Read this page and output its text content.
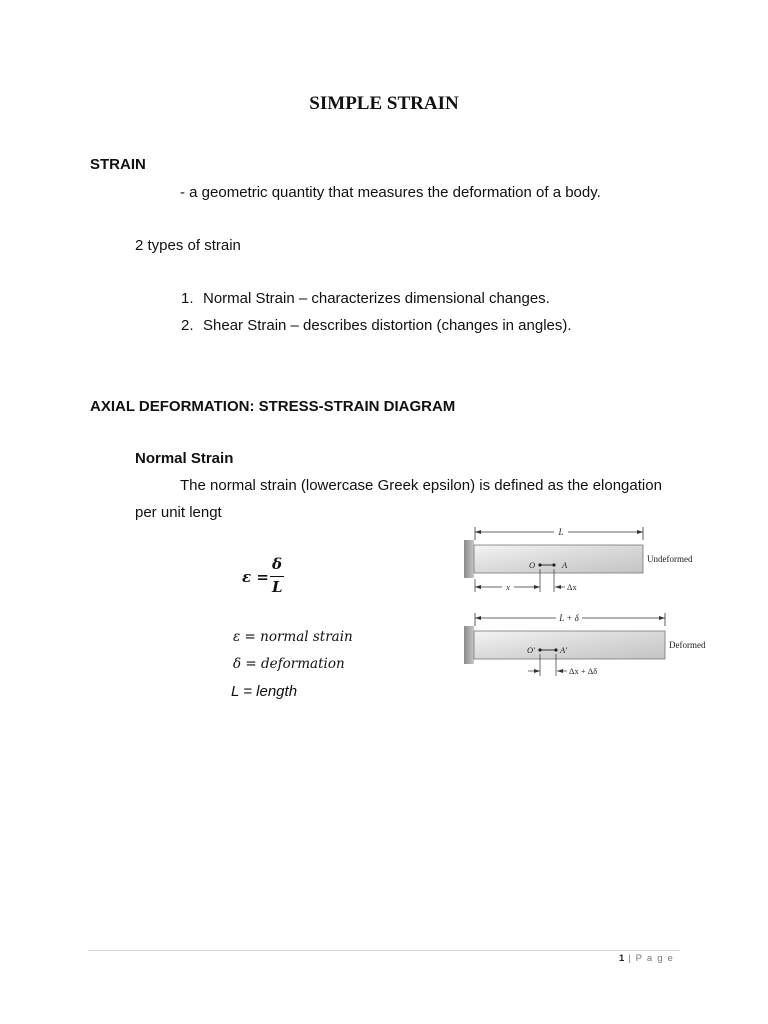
SIMPLE STRAIN
STRAIN
- a geometric quantity that measures the deformation of a body.
2 types of strain
1. Normal Strain – characterizes dimensional changes.
2. Shear Strain – describes distortion (changes in angles).
AXIAL DEFORMATION: STRESS-STRAIN DIAGRAM
Normal Strain
The normal strain (lowercase Greek epsilon) is defined as the elongation
per unit lengt
ε =
δ
L
ε = normal strain
δ = deformation
L = length
L
O	A
Undeformed
x	Δx
L + δ
O'	A'	Deformed
Δx + Δδ
1 | P a g e
